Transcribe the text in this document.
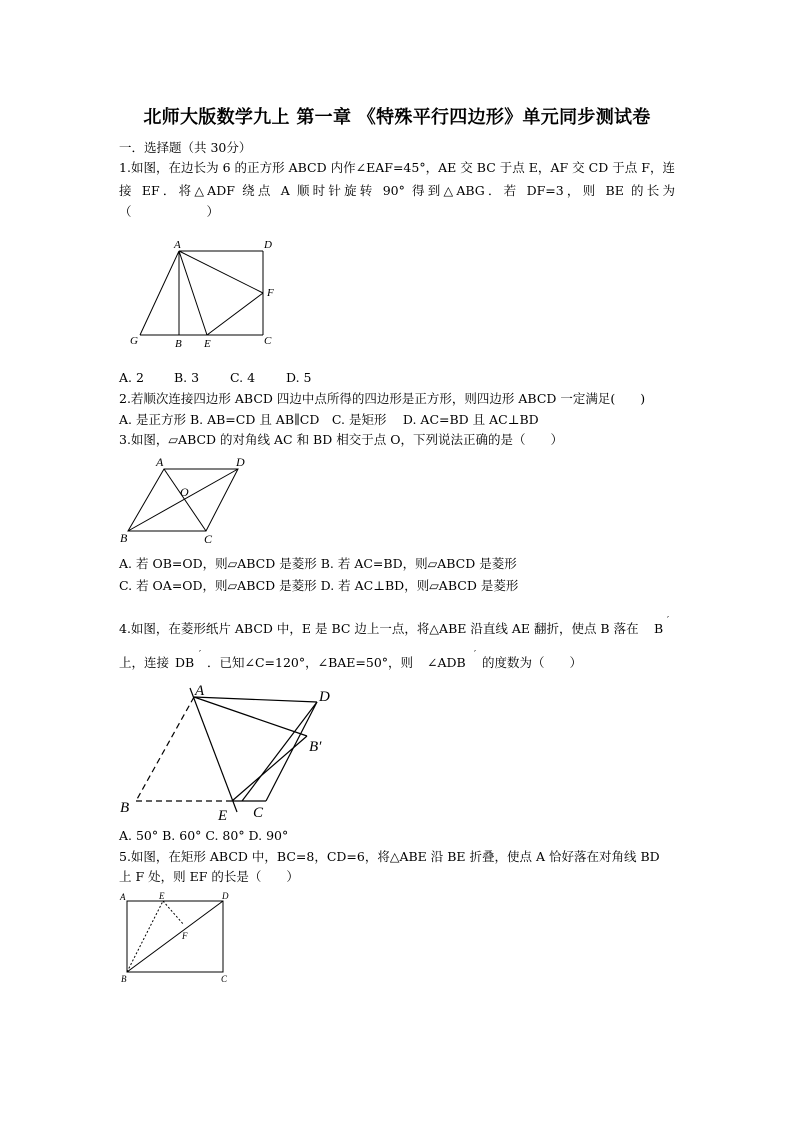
北师大版数学九上 第一章 《特殊平行四边形》单元同步测试卷
一．选择题（共 30分）
1.如图，在边长为 6 的正方形 ABCD 内作∠EAF=45°，AE 交 BC 于点 E，AF 交 CD 于点 F，连
接 EF．将△ADF 绕点 A 顺时针旋转 90° 得到△ABG．若 DF=3，则 BE 的长为
（　　　　　　）
A	D
F
G	B E	C
A. 2 B. 3 C. 4 D. 5
2.若顺次连接四边形 ABCD 四边中点所得的四边形是正方形，则四边形 ABCD 一定满足(　　)
A. 是正方形 B. AB=CD 且 AB∥CD　C. 是矩形　 D. AC=BD 且 AC⊥BD
3.如图，▱ABCD 的对角线 AC 和 BD 相交于点 O，下列说法正确的是（　　）
A	D
O
B	C
A. 若 OB=OD，则▱ABCD 是菱形 B. 若 AC=BD，则▱ABCD 是菱形
C. 若 OA=OD，则▱ABCD 是菱形 D. 若 AC⊥BD，则▱ABCD 是菱形
4.如图，在菱形纸片 ABCD 中，E 是 BC 边上一点，将△ABE 沿直线 AE 翻折，使点 B 落在 B ′
上，连接 DB ′ ．已知∠C=120°，∠BAE=50°，则 ∠ADB ′ 的度数为（　　）
A	D
B′
B	E C
A. 50° B. 60° C. 80° D. 90°
5.如图，在矩形 ABCD 中，BC=8，CD=6，将△ABE 沿 BE 折叠，使点 A 恰好落在对角线 BD
上 F 处，则 EF 的长是（　　）
A	E	D
F
B	C
